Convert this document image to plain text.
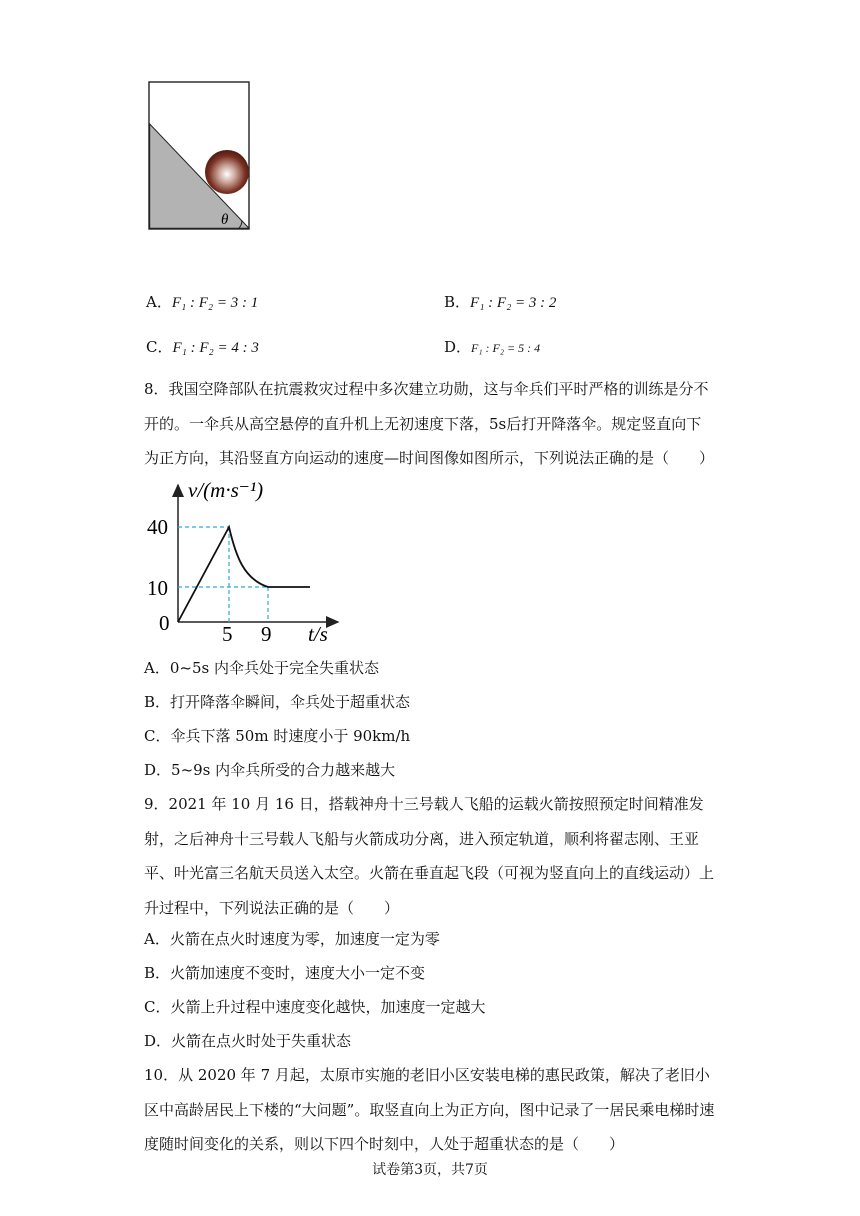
θ
A．F₁ : F₂ = 3 : 1	B．F₁ : F₂ = 3 : 2
C．F₁ : F₂ = 4 : 3	D．F₁ : F₂ = 5 : 4
8．我国空降部队在抗震救灾过程中多次建立功勋，这与伞兵们平时严格的训练是分不开的。一伞兵从高空悬停的直升机上无初速度下落，5s后打开降落伞。规定竖直向下为正方向，其沿竖直方向运动的速度—时间图像如图所示，下列说法正确的是（　　）
v/(m·s⁻¹)
40
10
0	5 9 t/s
A．0~5s 内伞兵处于完全失重状态
B．打开降落伞瞬间，伞兵处于超重状态
C．伞兵下落 50m 时速度小于 90km/h
D．5~9s 内伞兵所受的合力越来越大
9．2021 年 10 月 16 日，搭载神舟十三号载人飞船的运载火箭按照预定时间精准发射，之后神舟十三号载人飞船与火箭成功分离，进入预定轨道，顺利将翟志刚、王亚平、叶光富三名航天员送入太空。火箭在垂直起飞段（可视为竖直向上的直线运动）上升过程中，下列说法正确的是（　　）
A．火箭在点火时速度为零，加速度一定为零
B．火箭加速度不变时，速度大小一定不变
C．火箭上升过程中速度变化越快，加速度一定越大
D．火箭在点火时处于失重状态
10．从 2020 年 7 月起，太原市实施的老旧小区安装电梯的惠民政策，解决了老旧小区中高龄居民上下楼的“大问题”。取竖直向上为正方向，图中记录了一居民乘电梯时速度随时间变化的关系，则以下四个时刻中，人处于超重状态的是（　　）
试卷第3页，共7页
